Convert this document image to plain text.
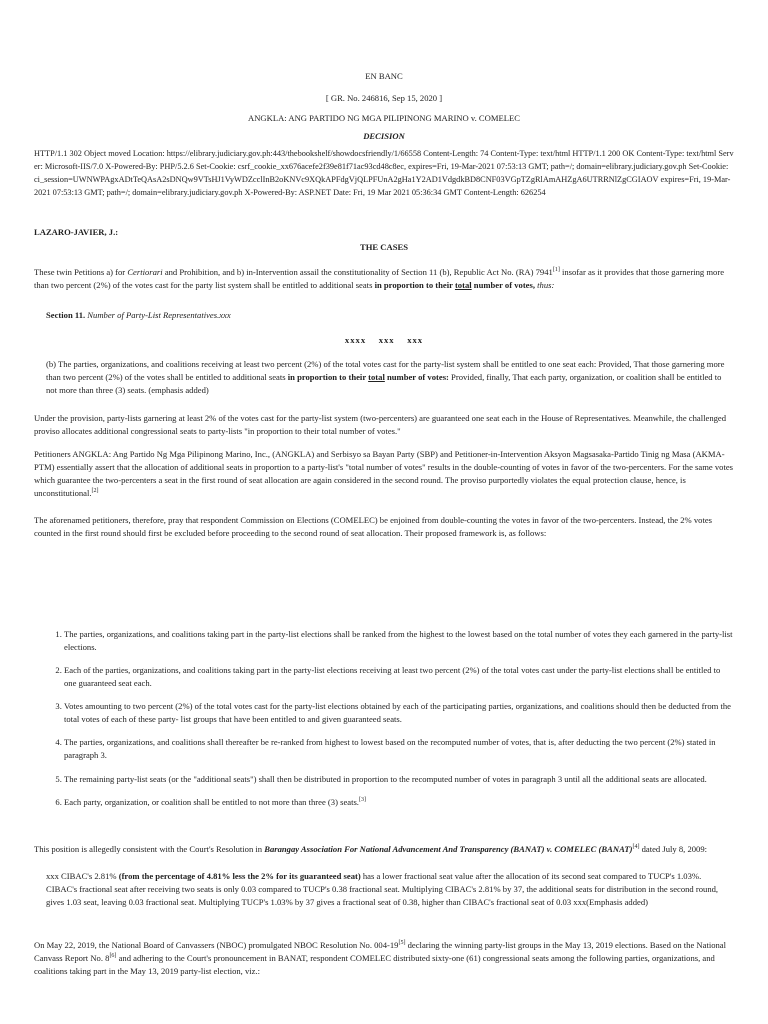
EN BANC

[ GR. No. 246816, Sep 15, 2020 ]

ANGKLA: ANG PARTIDO NG MGA PILIPINONG MARINO v. COMELEC

DECISION

HTTP/1.1 302 Object moved Location: https://elibrary.judiciary.gov.ph:443/thebookshelf/showdocsfriendly/1/66558 Content-Length: 74 Content-Type: text/html HTTP/1.1 200 OK Content-Type: text/html Server: Microsoft-IIS/7.0 X-Powered-By: PHP/5.2.6 Set-Cookie: csrf_cookie_xx676acefe2f39e81f71ac93cd48c8ec, expires=Fri, 19-Mar-2021 07:53:13 GMT; path=/; domain=elibrary.judiciary.gov.ph Set-Cookie: ci_session=UWNWPAgxADtTeQAsA2sDNQw9VTsHJ1VyWDZcclInB2oKNVc9XQkAPFdgVjQLPFUnA2gHa1Y2AD1VdgdkBD8CNF03VGpTZgRlAmAHZgA6UTRRNlZgCGIAOV expires=Fri, 19-Mar-2021 07:53:13 GMT; path=/; domain=elibrary.judiciary.gov.ph X-Powered-By: ASP.NET Date: Fri, 19 Mar 2021 05:36:34 GMT Content-Length: 626254

LAZARO-JAVIER, J.:

THE CASES

These twin Petitions a) for Certiorari and Prohibition, and b) in-Intervention assail the constitutionality of Section 11 (b), Republic Act No. (RA) 7941[1] insofar as it provides that those garnering more than two percent (2%) of the votes cast for the party list system shall be entitled to additional seats in proportion to their total number of votes, thus:

Section 11. Number of Party-List Representatives.xxx

xxxx    xxx    xxx

(b) The parties, organizations, and coalitions receiving at least two percent (2%) of the total votes cast for the party-list system shall be entitled to one seat each: Provided, That those garnering more than two percent (2%) of the votes shall be entitled to additional seats in proportion to their total number of votes: Provided, finally, That each party, organization, or coalition shall be entitled to not more than three (3) seats. (emphasis added)

Under the provision, party-lists garnering at least 2% of the votes cast for the party-list system (two-percenters) are guaranteed one seat each in the House of Representatives. Meanwhile, the challenged proviso allocates additional congressional seats to party-lists "in proportion to their total number of votes."

Petitioners ANGKLA: Ang Partido Ng Mga Pilipinong Marino, Inc., (ANGKLA) and Serbisyo sa Bayan Party (SBP) and Petitioner-in-Intervention Aksyon Magsasaka-Partido Tinig ng Masa (AKMA-PTM) essentially assert that the allocation of additional seats in proportion to a party-list's "total number of votes" results in the double-counting of votes in favor of the two-percenters. For the same votes which guarantee the two-percenters a seat in the first round of seat allocation are again considered in the second round. The proviso purportedly violates the equal protection clause, hence, is unconstitutional.[2]

The aforenamed petitioners, therefore, pray that respondent Commission on Elections (COMELEC) be enjoined from double-counting the votes in favor of the two-percenters. Instead, the 2% votes counted in the first round should first be excluded before proceeding to the second round of seat allocation. Their proposed framework is, as follows:

1. The parties, organizations, and coalitions taking part in the party-list elections shall be ranked from the highest to the lowest based on the total number of votes they each garnered in the party-list elections.
2. Each of the parties, organizations, and coalitions taking part in the party-list elections receiving at least two percent (2%) of the total votes cast under the party-list elections shall be entitled to one guaranteed seat each.
3. Votes amounting to two percent (2%) of the total votes cast for the party-list elections obtained by each of the participating parties, organizations, and coalitions should then be deducted from the total votes of each of these party- list groups that have been entitled to and given guaranteed seats.
4. The parties, organizations, and coalitions shall thereafter be re-ranked from highest to lowest based on the recomputed number of votes, that is, after deducting the two percent (2%) stated in paragraph 3.
5. The remaining party-list seats (or the "additional seats") shall then be distributed in proportion to the recomputed number of votes in paragraph 3 until all the additional seats are allocated.
6. Each party, organization, or coalition shall be entitled to not more than three (3) seats.[3]

This position is allegedly consistent with the Court's Resolution in Barangay Association For National Advancement And Transparency (BANAT) v. COMELEC (BANAT)[4] dated July 8, 2009:

xxx CIBAC's 2.81% (from the percentage of 4.81% less the 2% for its guaranteed seat) has a lower fractional seat value after the allocation of its second seat compared to TUCP's 1.03%. CIBAC's fractional seat after receiving two seats is only 0.03 compared to TUCP's 0.38 fractional seat. Multiplying CIBAC's 2.81% by 37, the additional seats for distribution in the second round, gives 1.03 seat, leaving 0.03 fractional seat. Multiplying TUCP's 1.03% by 37 gives a fractional seat of 0.38, higher than CIBAC's fractional seat of 0.03 xxx(Emphasis added)

On May 22, 2019, the National Board of Canvassers (NBOC) promulgated NBOC Resolution No. 004-19[5] declaring the winning party-list groups in the May 13, 2019 elections. Based on the National Canvass Report No. 8[6] and adhering to the Court's pronouncement in BANAT, respondent COMELEC distributed sixty-one (61) congressional seats among the following parties, organizations, and coalitions taking part in the May 13, 2019 party-list election, viz.:
